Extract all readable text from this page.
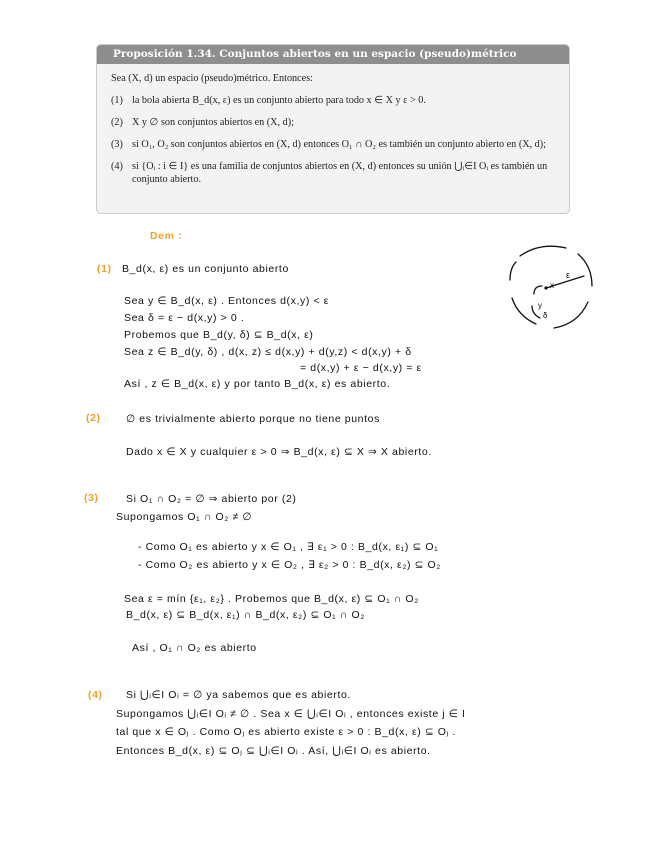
Proposición 1.34. Conjuntos abiertos en un espacio (pseudo)métrico

Sea (X, d) un espacio (pseudo)métrico. Entonces:

(1) la bola abierta B_d(x, ε) es un conjunto abierto para todo x ∈ X y ε > 0.
(2) X y ∅ son conjuntos abiertos en (X, d);
(3) si O₁, O₂ son conjuntos abiertos en (X, d) entonces O₁ ∩ O₂ es también un conjunto abierto en (X, d);
(4) si {Oᵢ : i ∈ I} es una familia de conjuntos abiertos en (X, d) entonces su unión ⋃ᵢ∈I Oᵢ es también un conjunto abierto.
Dem :
(1) B_d(x, ε) es un conjunto abierto
Sea y ∈ B_d(x, ε) . Entonces d(x,y) < ε
Sea δ = ε − d(x,y) > 0 .
Probemos que B_d(y, δ) ⊆ B_d(x, ε)
Sea z ∈ B_d(y, δ) , d(x, z) ≤ d(x,y) + d(y,z) < d(x,y) + δ
= d(x,y) + ε − d(x,y) = ε
Así , z ∈ B_d(x, ε) y por tanto B_d(x, ε) es abierto.
x
ε
y
δ
(2) ∅ es trivialmente abierto porque no tiene puntos
Dado x ∈ X y cualquier ε > 0 ⇒ B_d(x, ε) ⊆ X ⇒ X abierto.
(3)	Si O₁ ∩ O₂ = ∅ ⇒ abierto por (2)
Supongamos O₁ ∩ O₂ ≠ ∅
- Como O₁ es abierto y x ∈ O₁ , ∃ ε₁ > 0 : B_d(x, ε₁) ⊆ O₁
- Como O₂ es abierto y x ∈ O₂ , ∃ ε₂ > 0 : B_d(x, ε₂) ⊆ O₂
Sea ε = mín {ε₁, ε₂} . Probemos que B_d(x, ε) ⊆ O₁ ∩ O₂
B_d(x, ε) ⊆ B_d(x, ε₁) ∩ B_d(x, ε₂) ⊆ O₁ ∩ O₂
Así , O₁ ∩ O₂ es abierto
(4) Si ⋃ᵢ∈I Oᵢ = ∅ ya sabemos que es abierto.
Supongamos ⋃ᵢ∈I Oᵢ ≠ ∅ . Sea x ∈ ⋃ᵢ∈I Oᵢ , entonces existe j ∈ I
tal que x ∈ Oⱼ . Como Oⱼ es abierto existe ε > 0 : B_d(x, ε) ⊆ Oⱼ .
Entonces B_d(x, ε) ⊆ Oⱼ ⊆ ⋃ᵢ∈I Oᵢ . Así, ⋃ᵢ∈I Oᵢ es abierto.
